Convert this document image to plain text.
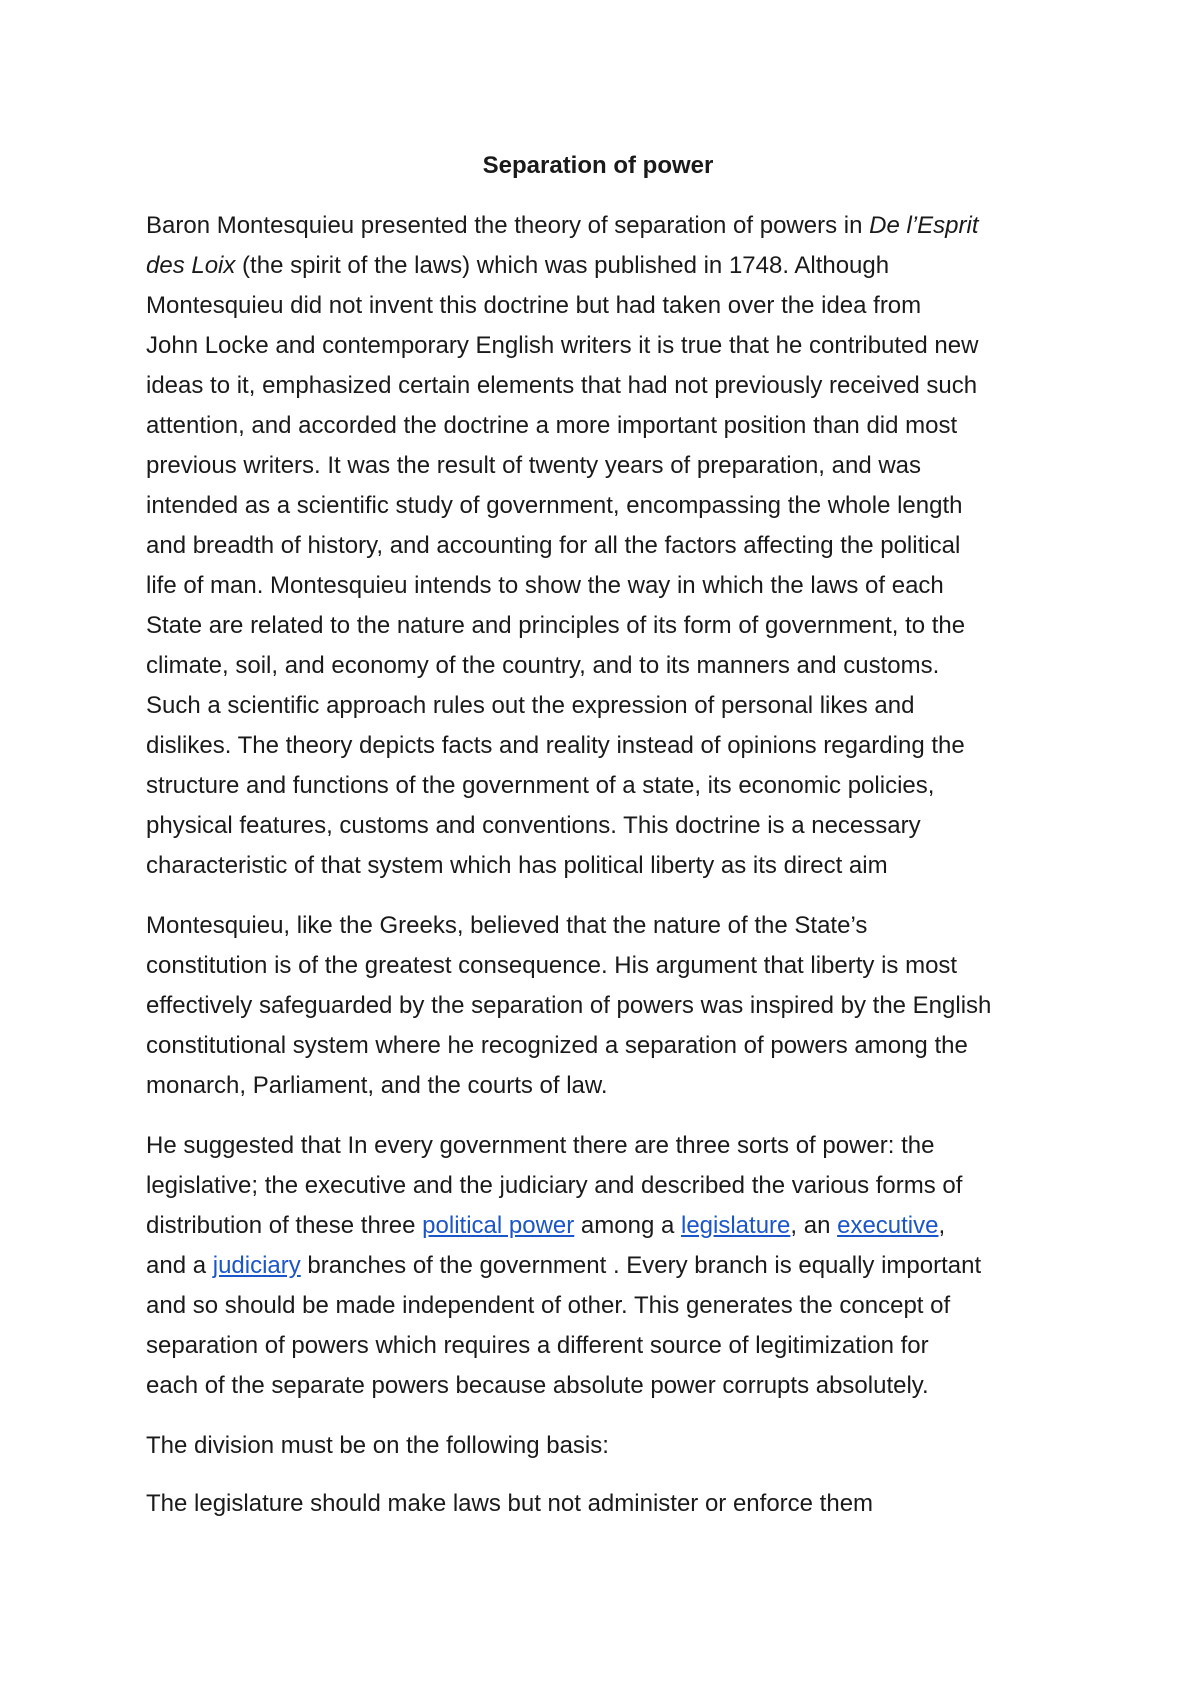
Separation of power
Baron Montesquieu presented the theory of separation of powers in De l’Esprit
des Loix (the spirit of the laws) which was published in 1748. Although
Montesquieu did not invent this doctrine but had taken over the idea from
John Locke and contemporary English writers it is true that he contributed new
ideas to it, emphasized certain elements that had not previously received such
attention, and accorded the doctrine a more important position than did most
previous writers. It was the result of twenty years of preparation, and was
intended as a scientific study of government, encompassing the whole length
and breadth of history, and accounting for all the factors affecting the political
life of man. Montesquieu intends to show the way in which the laws of each
State are related to the nature and principles of its form of government, to the
climate, soil, and economy of the country, and to its manners and customs.
Such a scientific approach rules out the expression of personal likes and
dislikes. The theory depicts facts and reality instead of opinions regarding the
structure and functions of the government of a state, its economic policies,
physical features, customs and conventions. This doctrine is a necessary
characteristic of that system which has political liberty as its direct aim
Montesquieu, like the Greeks, believed that the nature of the State’s
constitution is of the greatest consequence. His argument that liberty is most
effectively safeguarded by the separation of powers was inspired by the English
constitutional system where he recognized a separation of powers among the
monarch, Parliament, and the courts of law.
He suggested that In every government there are three sorts of power: the
legislative; the executive and the judiciary and described the various forms of
distribution of these three political power among a legislature, an executive,
and a judiciary branches of the government . Every branch is equally important
and so should be made independent of other. This generates the concept of
separation of powers which requires a different source of legitimization for
each of the separate powers because absolute power corrupts absolutely.
The division must be on the following basis:
The legislature should make laws but not administer or enforce them
